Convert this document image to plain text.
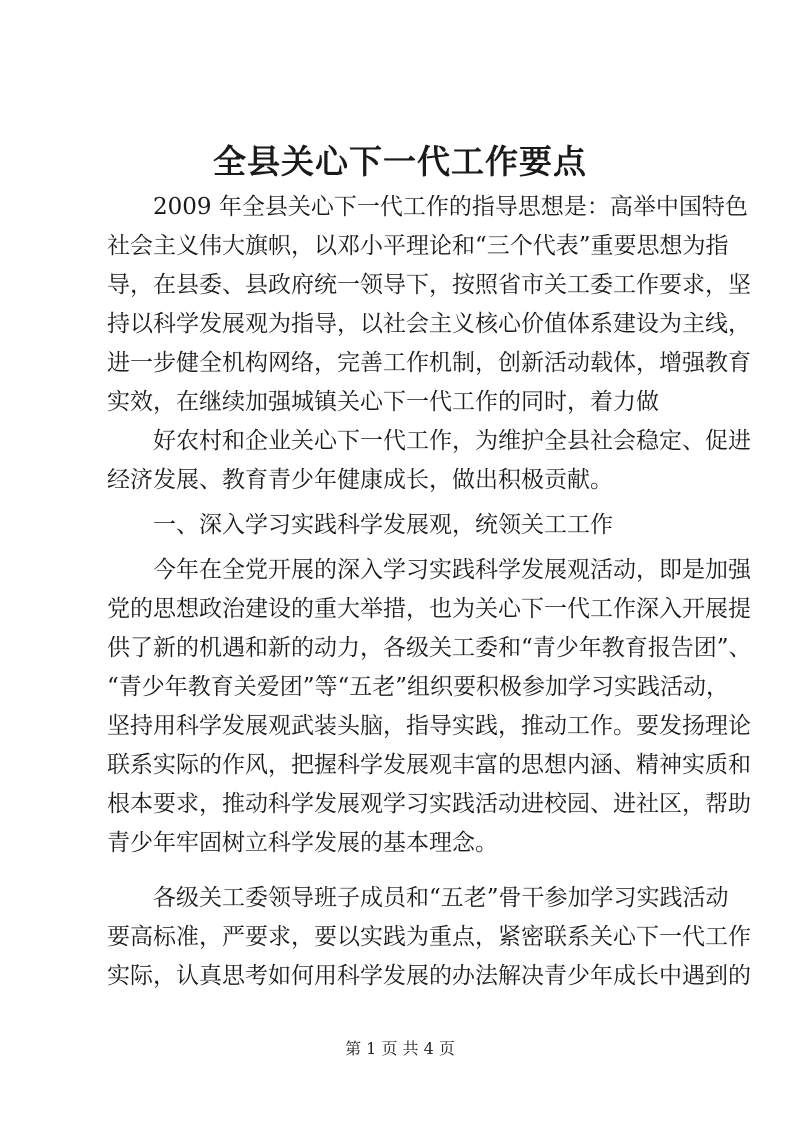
全县关心下一代工作要点
2009 年全县关心下一代工作的指导思想是：高举中国特色
社会主义伟大旗帜，以邓小平理论和“三个代表”重要思想为指
导，在县委、县政府统一领导下，按照省市关工委工作要求，坚
持以科学发展观为指导，以社会主义核心价值体系建设为主线，
进一步健全机构网络，完善工作机制，创新活动载体，增强教育
实效，在继续加强城镇关心下一代工作的同时，着力做
好农村和企业关心下一代工作，为维护全县社会稳定、促进
经济发展、教育青少年健康成长，做出积极贡献。
一、深入学习实践科学发展观，统领关工工作
今年在全党开展的深入学习实践科学发展观活动，即是加强
党的思想政治建设的重大举措，也为关心下一代工作深入开展提
供了新的机遇和新的动力，各级关工委和“青少年教育报告团”、
“青少年教育关爱团”等“五老”组织要积极参加学习实践活动，
坚持用科学发展观武装头脑，指导实践，推动工作。要发扬理论
联系实际的作风，把握科学发展观丰富的思想内涵、精神实质和
根本要求，推动科学发展观学习实践活动进校园、进社区，帮助
青少年牢固树立科学发展的基本理念。
各级关工委领导班子成员和“五老”骨干参加学习实践活动
要高标准，严要求，要以实践为重点，紧密联系关心下一代工作
实际，认真思考如何用科学发展的办法解决青少年成长中遇到的
第 1 页 共 4 页
